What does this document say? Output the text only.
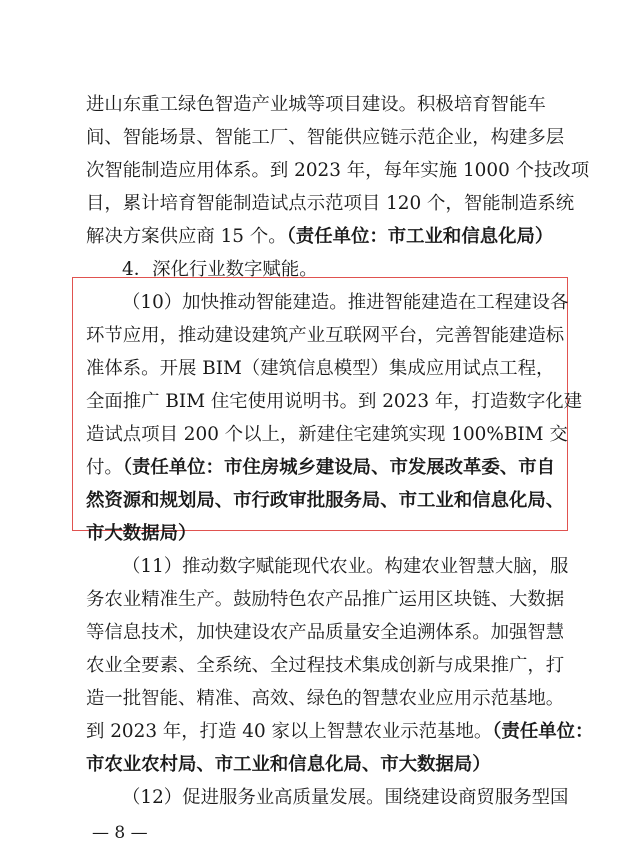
进山东重工绿色智造产业城等项目建设。积极培育智能车
间、智能场景、智能工厂、智能供应链示范企业，构建多层
次智能制造应用体系。到 2023 年，每年实施 1000 个技改项
目，累计培育智能制造试点示范项目 120 个，智能制造系统
解决方案供应商 15 个。（责任单位：市工业和信息化局）
4．深化行业数字赋能。
（10）加快推动智能建造。推进智能建造在工程建设各
环节应用，推动建设建筑产业互联网平台，完善智能建造标
准体系。开展 BIM（建筑信息模型）集成应用试点工程，
全面推广 BIM 住宅使用说明书。到 2023 年，打造数字化建
造试点项目 200 个以上，新建住宅建筑实现 100%BIM 交
付。（责任单位：市住房城乡建设局、市发展改革委、市自
然资源和规划局、市行政审批服务局、市工业和信息化局、
市大数据局）
（11）推动数字赋能现代农业。构建农业智慧大脑，服
务农业精准生产。鼓励特色农产品推广运用区块链、大数据
等信息技术，加快建设农产品质量安全追溯体系。加强智慧
农业全要素、全系统、全过程技术集成创新与成果推广，打
造一批智能、精准、高效、绿色的智慧农业应用示范基地。
到 2023 年，打造 40 家以上智慧农业示范基地。（责任单位：
市农业农村局、市工业和信息化局、市大数据局）
（12）促进服务业高质量发展。围绕建设商贸服务型国
— 8 —
